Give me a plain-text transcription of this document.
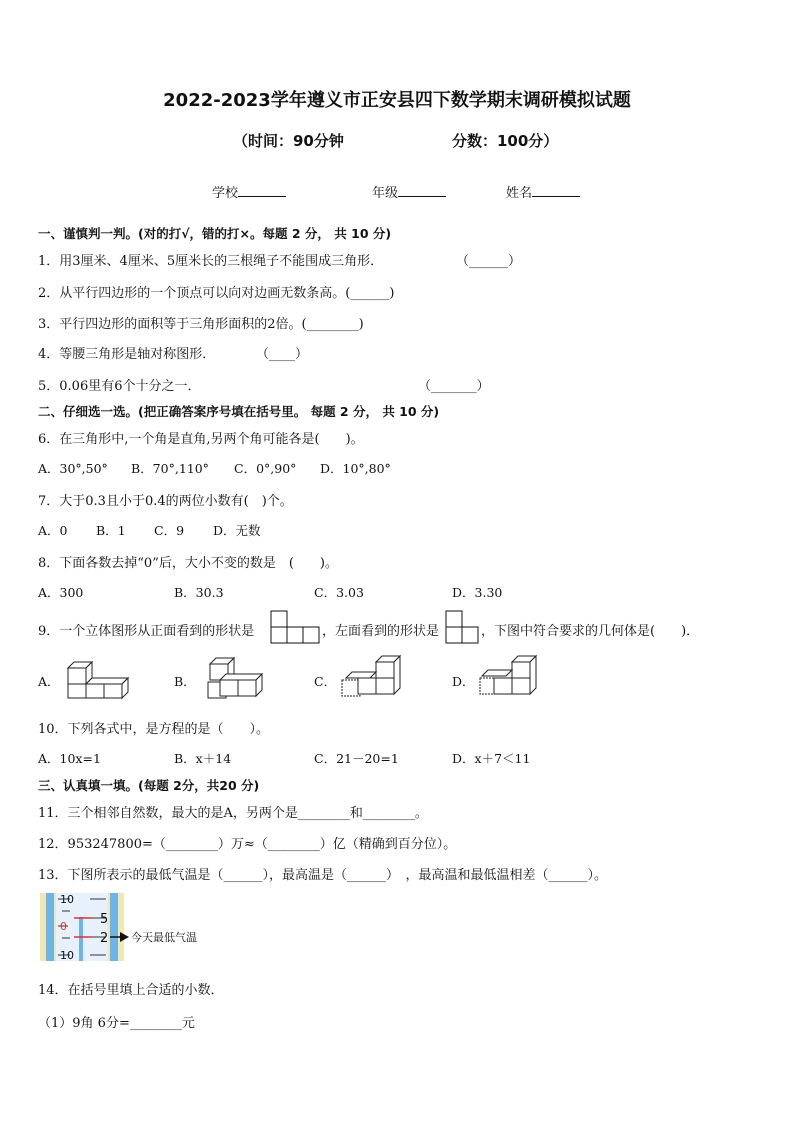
2022-2023学年遵义市正安县四下数学期末调研模拟试题
（时间：90分钟	分数：100分）
学校	年级	姓名
一、谨慎判一判。(对的打√，错的打×。每题 2 分， 共 10 分)
1．用3厘米、4厘米、5厘米长的三根绳子不能围成三角形．	（______）
2．从平行四边形的一个顶点可以向对边画无数条高。(______)
3．平行四边形的面积等于三角形面积的2倍。(________)
4．等腰三角形是轴对称图形．	（____）
5．0.06里有6个十分之一．	（_______）
二、仔细选一选。(把正确答案序号填在括号里。 每题 2 分， 共 10 分)
6．在三角形中,一个角是直角,另两个角可能各是(　　)。
A．30°,50° B．70°,110° C．0°,90° D．10°,80°
7．大于0.3且小于0.4的两位小数有(　)个。
A．0 B．1 C．9 D．无数
8．下面各数去掉“0”后，大小不变的数是　(　　)。
A．300	B．30.3	C．3.03	D．3.30
9．一个立体图形从正面看到的形状是	，左面看到的形状是	，下图中符合要求的几何体是(　　)．
A．	B．	C．	D．
10．下列各式中，是方程的是（　　）。
A．10x=1	B．x＋14	C．21－20=1	D．x＋7＜11
三、认真填一填。(每题 2分，共20 分)
11．三个相邻自然数，最大的是A，另两个是________和________。
12．953247800=（________）万≈（________）亿（精确到百分位）。
13．下图所表示的最低气温是（______），最高温是（______）　，最高温和最低温相差（______）。
10
5
0
2
10
今天最低气温
14．在括号里填上合适的小数．
（1）9角 6分=________元
